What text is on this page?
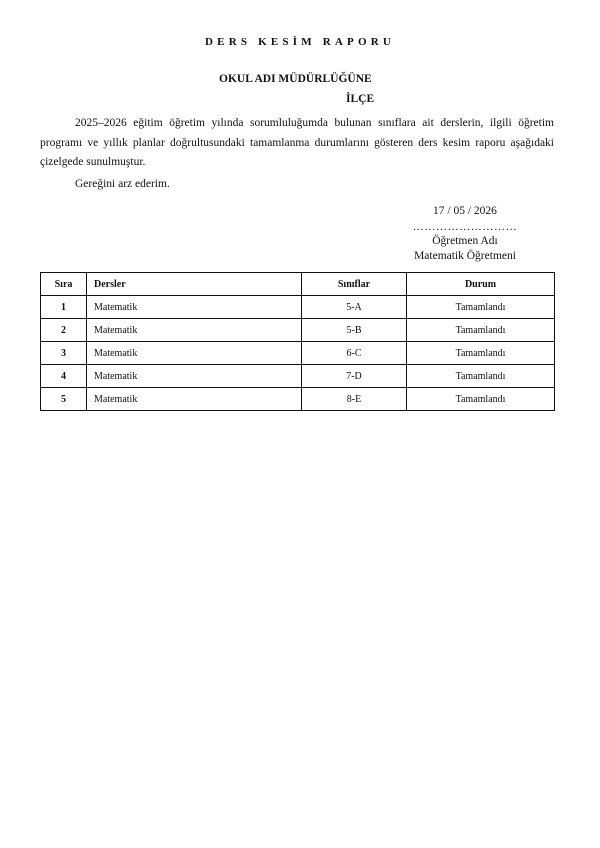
DERS KESİM RAPORU
OKUL ADI MÜDÜRLÜĞÜNE
İLÇE

2025–2026 eğitim öğretim yılında sorumluluğumda bulunan sınıflara ait derslerin, ilgili öğretim programı ve yıllık planlar doğrultusundaki tamamlanma durumlarını gösteren ders kesim raporu aşağıdaki çizelgede sunulmuştur.

Gereğini arz ederim.
17 / 05 / 2026
………………………
Öğretmen Adı
Matematik Öğretmeni
Sıra	Dersler	Sınıflar	Durum
1	Matematik	5-A	Tamamlandı
2	Matematik	5-B	Tamamlandı
3	Matematik	6-C	Tamamlandı
4	Matematik	7-D	Tamamlandı
5	Matematik	8-E	Tamamlandı
